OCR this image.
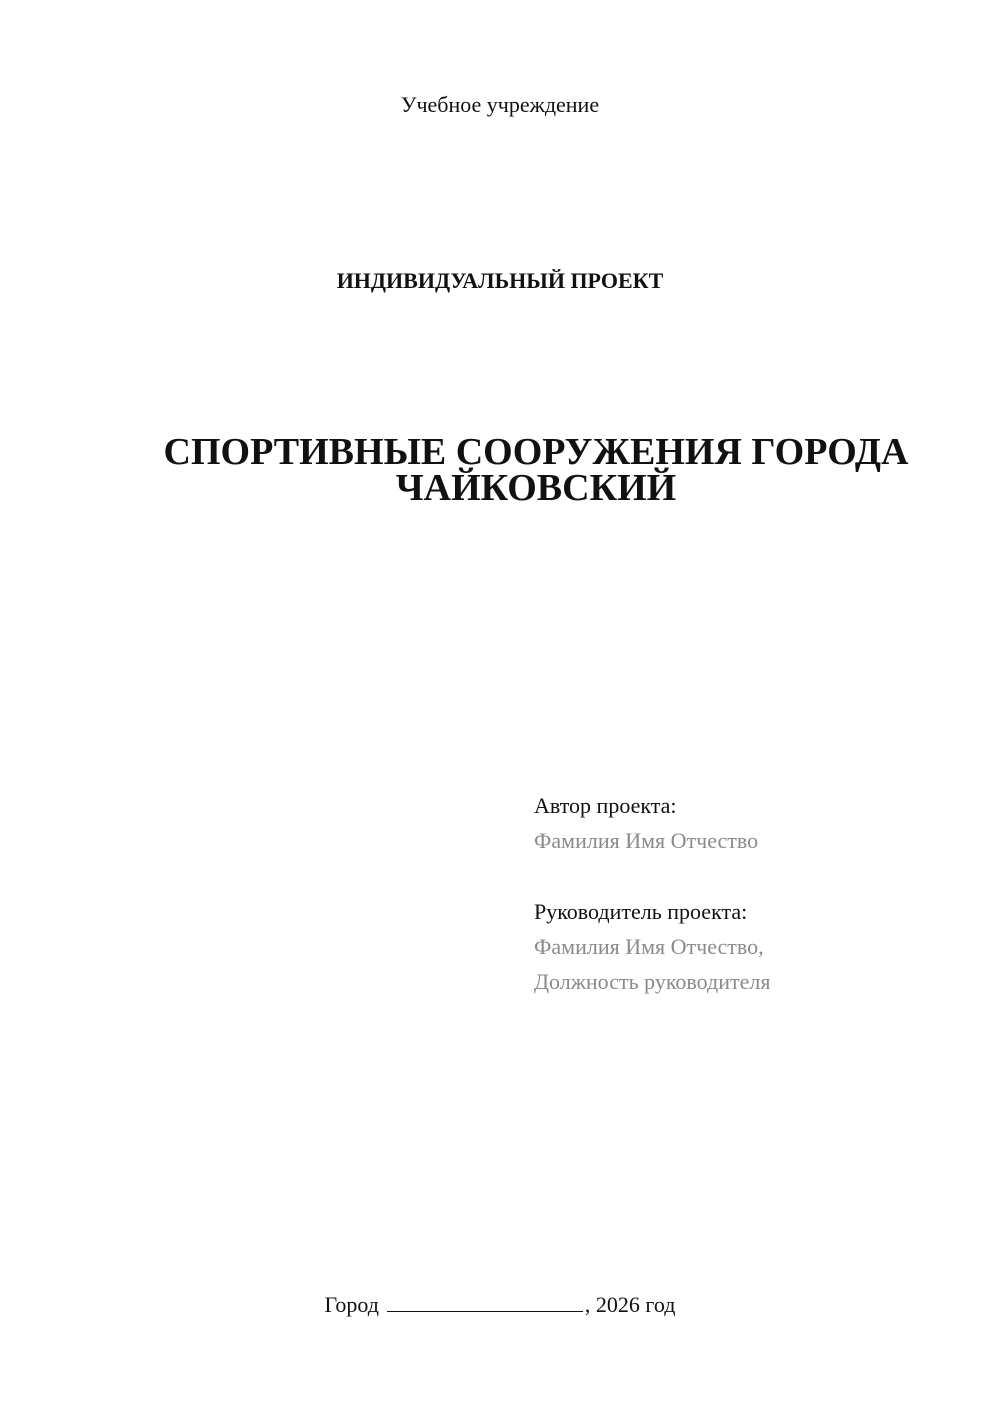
Учебное учреждение
ИНДИВИДУАЛЬНЫЙ ПРОЕКТ
СПОРТИВНЫЕ СООРУЖЕНИЯ ГОРОДА
ЧАЙКОВСКИЙ
Автор проекта:
Фамилия Имя Отчество
Руководитель проекта:
Фамилия Имя Отчество,
Должность руководителя
Город	, 2026 год
